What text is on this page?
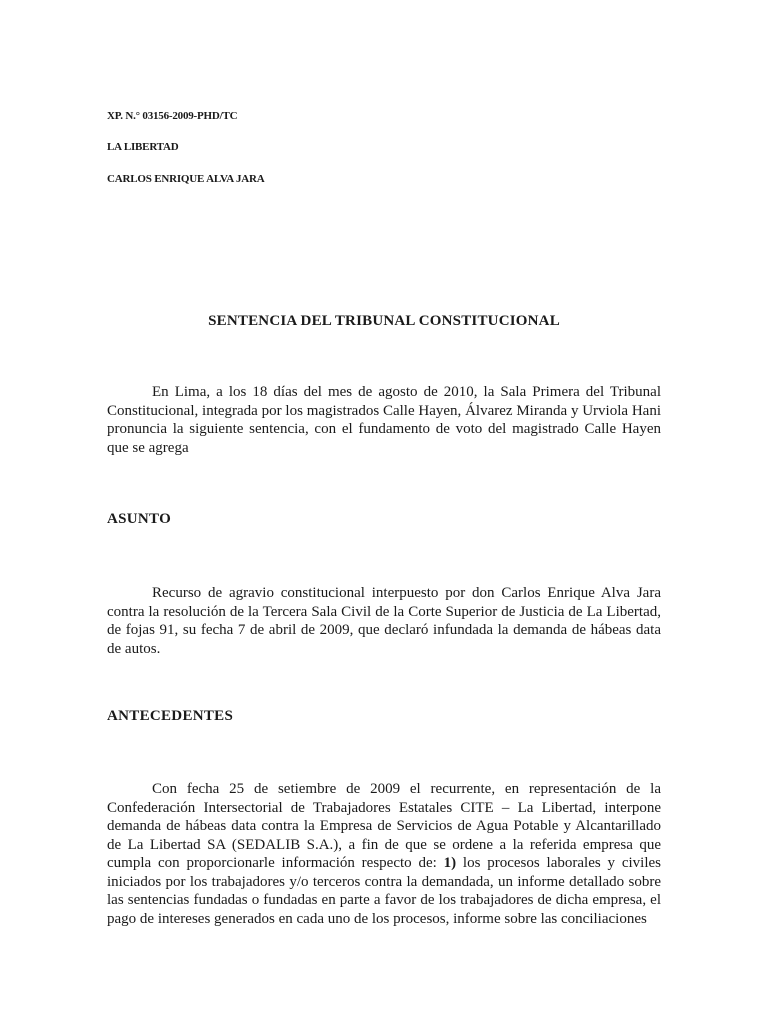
XP. N.° 03156-2009-PHD/TC
LA LIBERTAD
CARLOS ENRIQUE ALVA JARA
SENTENCIA DEL TRIBUNAL CONSTITUCIONAL

En Lima, a los 18 días del mes de agosto de 2010, la Sala Primera del Tribunal Constitucional, integrada por los magistrados Calle Hayen, Álvarez Miranda y Urviola Hani pronuncia la siguiente sentencia, con el fundamento de voto del magistrado Calle Hayen que se agrega

ASUNTO

Recurso de agravio constitucional interpuesto por don Carlos Enrique Alva Jara contra la resolución de la Tercera Sala Civil de la Corte Superior de Justicia de La Libertad, de fojas 91, su fecha 7 de abril de 2009, que declaró infundada la demanda de hábeas data de autos.

ANTECEDENTES

Con fecha 25 de setiembre de 2009 el recurrente, en representación de la Confederación Intersectorial de Trabajadores Estatales CITE – La Libertad, interpone demanda de hábeas data contra la Empresa de Servicios de Agua Potable y Alcantarillado de La Libertad SA (SEDALIB S.A.), a fin de que se ordene a la referida empresa que cumpla con proporcionarle información respecto de: 1) los procesos laborales y civiles iniciados por los trabajadores y/o terceros contra la demandada, un informe detallado sobre las sentencias fundadas o fundadas en parte a favor de los trabajadores de dicha empresa, el pago de intereses generados en cada uno de los procesos, informe sobre las conciliaciones
